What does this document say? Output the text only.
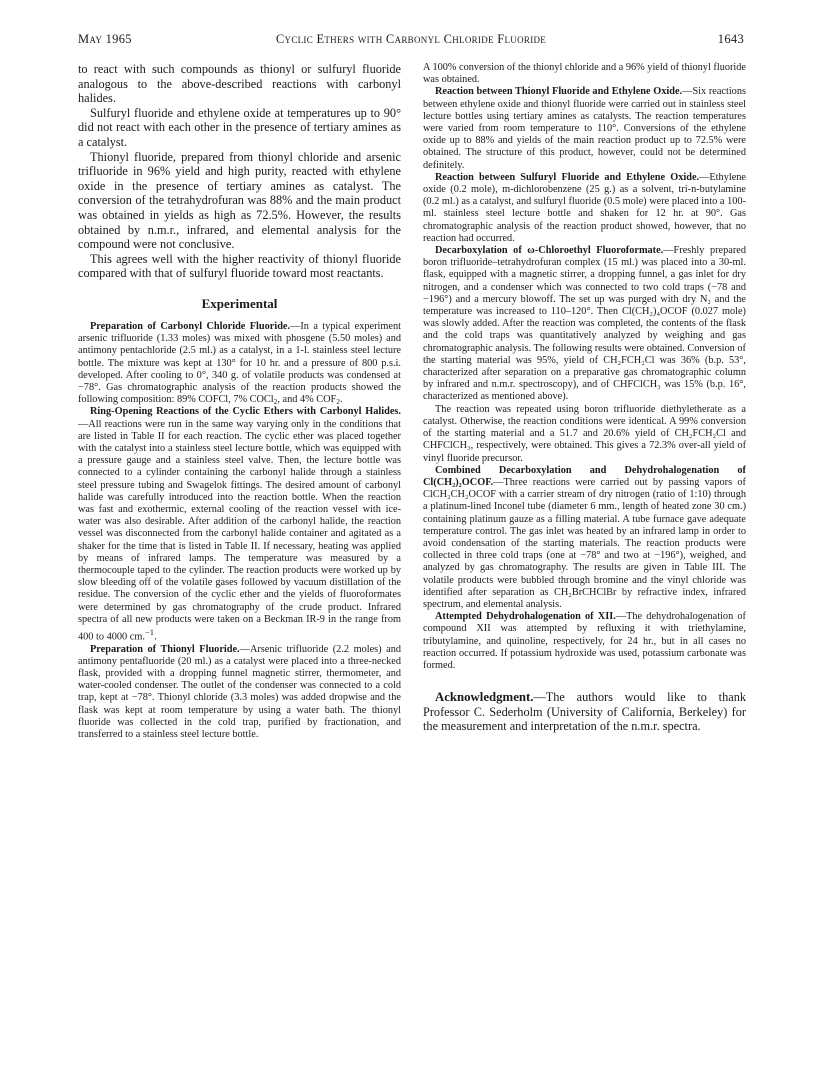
May 1965	Cyclic Ethers with Carbonyl Chloride Fluoride	1643

to react with such compounds as thionyl or sulfuryl fluoride analogous to the above-described reactions with carbonyl halides.

Sulfuryl fluoride and ethylene oxide at temperatures up to 90° did not react with each other in the presence of tertiary amines as a catalyst.

Thionyl fluoride, prepared from thionyl chloride and arsenic trifluoride in 96% yield and high purity, reacted with ethylene oxide in the presence of tertiary amines as catalyst. The conversion of the tetrahydrofuran was 88% and the main product was obtained in yields as high as 72.5%. However, the results obtained by n.m.r., infrared, and elemental analysis for the compound were not conclusive.

This agrees well with the higher reactivity of thionyl fluoride compared with that of sulfuryl fluoride toward most reactants.

Experimental

Preparation of Carbonyl Chloride Fluoride.—In a typical experiment arsenic trifluoride (1.33 moles) was mixed with phosgene (5.50 moles) and antimony pentachloride (2.5 ml.) as a catalyst, in a 1-l. stainless steel lecture bottle. The mixture was kept at 130° for 10 hr. and a pressure of 800 p.s.i. developed. After cooling to 0°, 340 g. of volatile products was condensed at −78°. Gas chromatographic analysis of the reaction products showed the following composition: 89% COFCl, 7% COCl$_2$, and 4% $COF_2$.

Ring-Opening Reactions of the Cyclic Ethers with Carbonyl Halides.—All reactions were run in the same way varying only in the conditions that are listed in Table II for each reaction. The cyclic ether was placed together with the catalyst into a stainless steel lecture bottle, which was equipped with a pressure gauge and a stainless steel valve. Then, the lecture bottle was connected to a cylinder containing the carbonyl halide through a stainless steel pressure tubing and Swagelok fittings. The desired amount of carbonyl halide was carefully introduced into the reaction bottle. When the reaction was fast and exothermic, external cooling of the reaction vessel with ice-water was also desirable. After addition of the carbonyl halide, the reaction vessel was disconnected from the carbonyl halide container and agitated as a shaker for the time that is listed in Table II. If necessary, heating was applied by means of infrared lamps. The temperature was measured by a thermocouple taped to the cylinder. The reaction products were worked up by slow bleeding off of the volatile gases followed by vacuum distillation of the residue. The conversion of the cyclic ether and the yields of fluoroformates were determined by gas chromatography of the crude product. Infrared spectra of all new products were taken on a Beckman IR-9 in the range from 400 to 4000 cm.$^{-1}$.

Preparation of Thionyl Fluoride.—Arsenic trifluoride (2.2 moles) and antimony pentafluoride (20 ml.) as a catalyst were placed into a three-necked flask, provided with a dropping funnel magnetic stirrer, thermometer, and water-cooled condenser. The outlet of the condenser was connected to a cold trap, kept at −78°. Thionyl chloride (3.3 moles) was added dropwise and the flask was kept at room temperature by using a water bath. The thionyl fluoride was collected in the cold trap, purified by fractionation, and transferred to a stainless steel lecture bottle.

A 100% conversion of the thionyl chloride and a 96% yield of thionyl fluoride was obtained.

Reaction between Thionyl Fluoride and Ethylene Oxide.—Six reactions between ethylene oxide and thionyl fluoride were carried out in stainless steel lecture bottles using tertiary amines as catalysts. The reaction temperatures were varied from room temperature to 110°. Conversions of the ethylene oxide up to 88% and yields of the main reaction product up to 72.5% were obtained. The structure of this product, however, could not be determined definitely.

Reaction between Sulfuryl Fluoride and Ethylene Oxide.—Ethylene oxide (0.2 mole), m-dichlorobenzene (25 g.) as a solvent, tri-n-butylamine (0.2 ml.) as a catalyst, and sulfuryl fluoride (0.5 mole) were placed into a 100-ml. stainless steel lecture bottle and shaken for 12 hr. at 90°. Gas chromatographic analysis of the reaction product showed, however, that no reaction had occurred.

Decarboxylation of ω-Chloroethyl Fluoroformate.—Freshly prepared boron trifluoride–tetrahydrofuran complex (15 ml.) was placed into a 30-ml. flask, equipped with a magnetic stirrer, a dropping funnel, a gas inlet for dry nitrogen, and a condenser which was connected to two cold traps (−78 and −196°) and a mercury blowoff. The set up was purged with dry N₂ and the temperature was increased to 110–120°. Then Cl(CH₂)₄OCOF (0.027 mole) was slowly added. After the reaction was completed, the contents of the flask and the cold traps was quantitatively analyzed by weighing and gas chromatographic analysis. The following results were obtained. Conversion of the starting material was 95%, yield of CH₂FCH₂Cl was 36% (b.p. 53°, characterized after separation on a preparative gas chromatographic column by infrared and n.m.r. spectroscopy), and of CHFClCH₃ was 15% (b.p. 16°, characterized as mentioned above).

The reaction was repeated using boron trifluoride diethyletherate as a catalyst. Otherwise, the reaction conditions were identical. A 99% conversion of the starting material and a 51.7 and 20.6% yield of CH₂FCH₂Cl and CHFClCH₃, respectively, were obtained. This gives a 72.3% over-all yield of vinyl fluoride precursor.

Combined Decarboxylation and Dehydrohalogenation of Cl(CH₂)₂OCOF.—Three reactions were carried out by passing vapors of ClCH₂CH₂OCOF with a carrier stream of dry nitrogen (ratio of 1:10) through a platinum-lined Inconel tube (diameter 6 mm., length of heated zone 30 cm.) containing platinum gauze as a filling material. A tube furnace gave adequate temperature control. The gas inlet was heated by an infrared lamp in order to avoid condensation of the starting materials. The reaction products were collected in three cold traps (one at −78° and two at −196°), weighed, and analyzed by gas chromatography. The results are given in Table III. The volatile products were bubbled through bromine and the vinyl chloride was identified after separation as CH₂BrCHClBr by refractive index, infrared spectrum, and elemental analysis.

Attempted Dehydrohalogenation of XII.—The dehydrohalogenation of compound XII was attempted by refluxing it with triethylamine, tributylamine, and quinoline, respectively, for 24 hr., but in all cases no reaction occurred. If potassium hydroxide was used, potassium carbonate was formed.

Acknowledgment.—The authors would like to thank Professor C. Sederholm (University of California, Berkeley) for the measurement and interpretation of the n.m.r. spectra.
